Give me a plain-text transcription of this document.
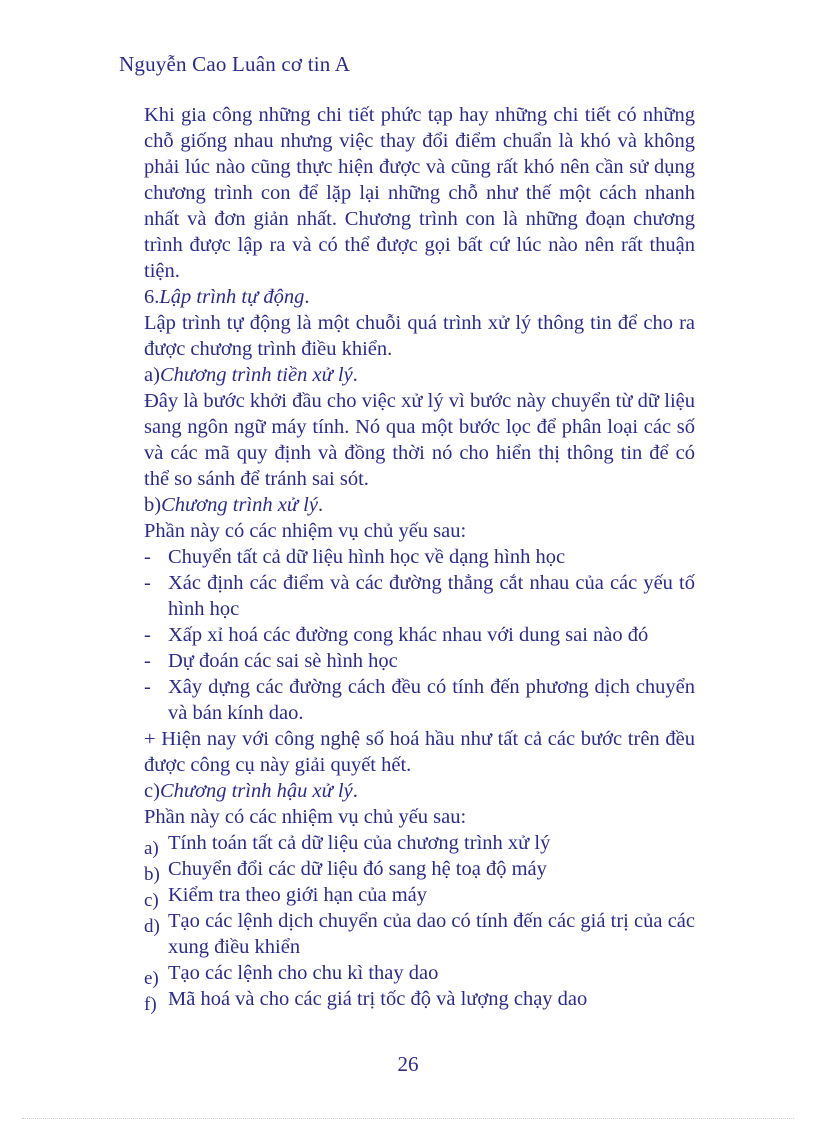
Nguyễn Cao Luân cơ tin A

Khi gia công những chi tiết phức tạp hay những chi tiết có những chỗ giống nhau nhưng việc thay đổi điểm chuẩn là khó và không phải lúc nào cũng thực hiện được và cũng rất khó nên cần sử dụng chương trình con để lặp lại những chỗ như thế một cách nhanh nhất và đơn giản nhất. Chương trình con là những đoạn chương trình được lập ra và có thể được gọi bất cứ lúc nào nên rất thuận tiện.

6.Lập trình tự động.

Lập trình tự động là một chuỗi quá trình xử lý thông tin để cho ra được chương trình điều khiển.

a)Chương trình tiền xử lý.

Đây là bước khởi đầu cho việc xử lý vì bước này chuyển từ dữ liệu sang ngôn ngữ máy tính. Nó qua một bước lọc để phân loại các số và các mã quy định và đồng thời nó cho hiển thị thông tin để có thể so sánh để tránh sai sót.

b)Chương trình xử lý.

Phần này có các nhiệm vụ chủ yếu sau:

- Chuyển tất cả dữ liệu hình học về dạng hình học
- Xác định các điểm và các đường thẳng cắt nhau của các yếu tố hình học
- Xấp xỉ hoá các đường cong khác nhau với dung sai nào đó
- Dự đoán các sai sè hình học
- Xây dựng các đường cách đều có tính đến phương dịch chuyển và bán kính dao.

+ Hiện nay với công nghệ số hoá hầu như tất cả các bước trên đều được công cụ này giải quyết hết.

c)Chương trình hậu xử lý.

Phần này có các nhiệm vụ chủ yếu sau:

a) Tính toán tất cả dữ liệu của chương trình xử lý
b) Chuyển đổi các dữ liệu đó sang hệ toạ độ máy
c) Kiểm tra theo giới hạn của máy
d) Tạo các lệnh dịch chuyển của dao có tính đến các giá trị của các xung điều khiển
e) Tạo các lệnh cho chu kì thay dao
f) Mã hoá và cho các giá trị tốc độ và lượng chạy dao
26
